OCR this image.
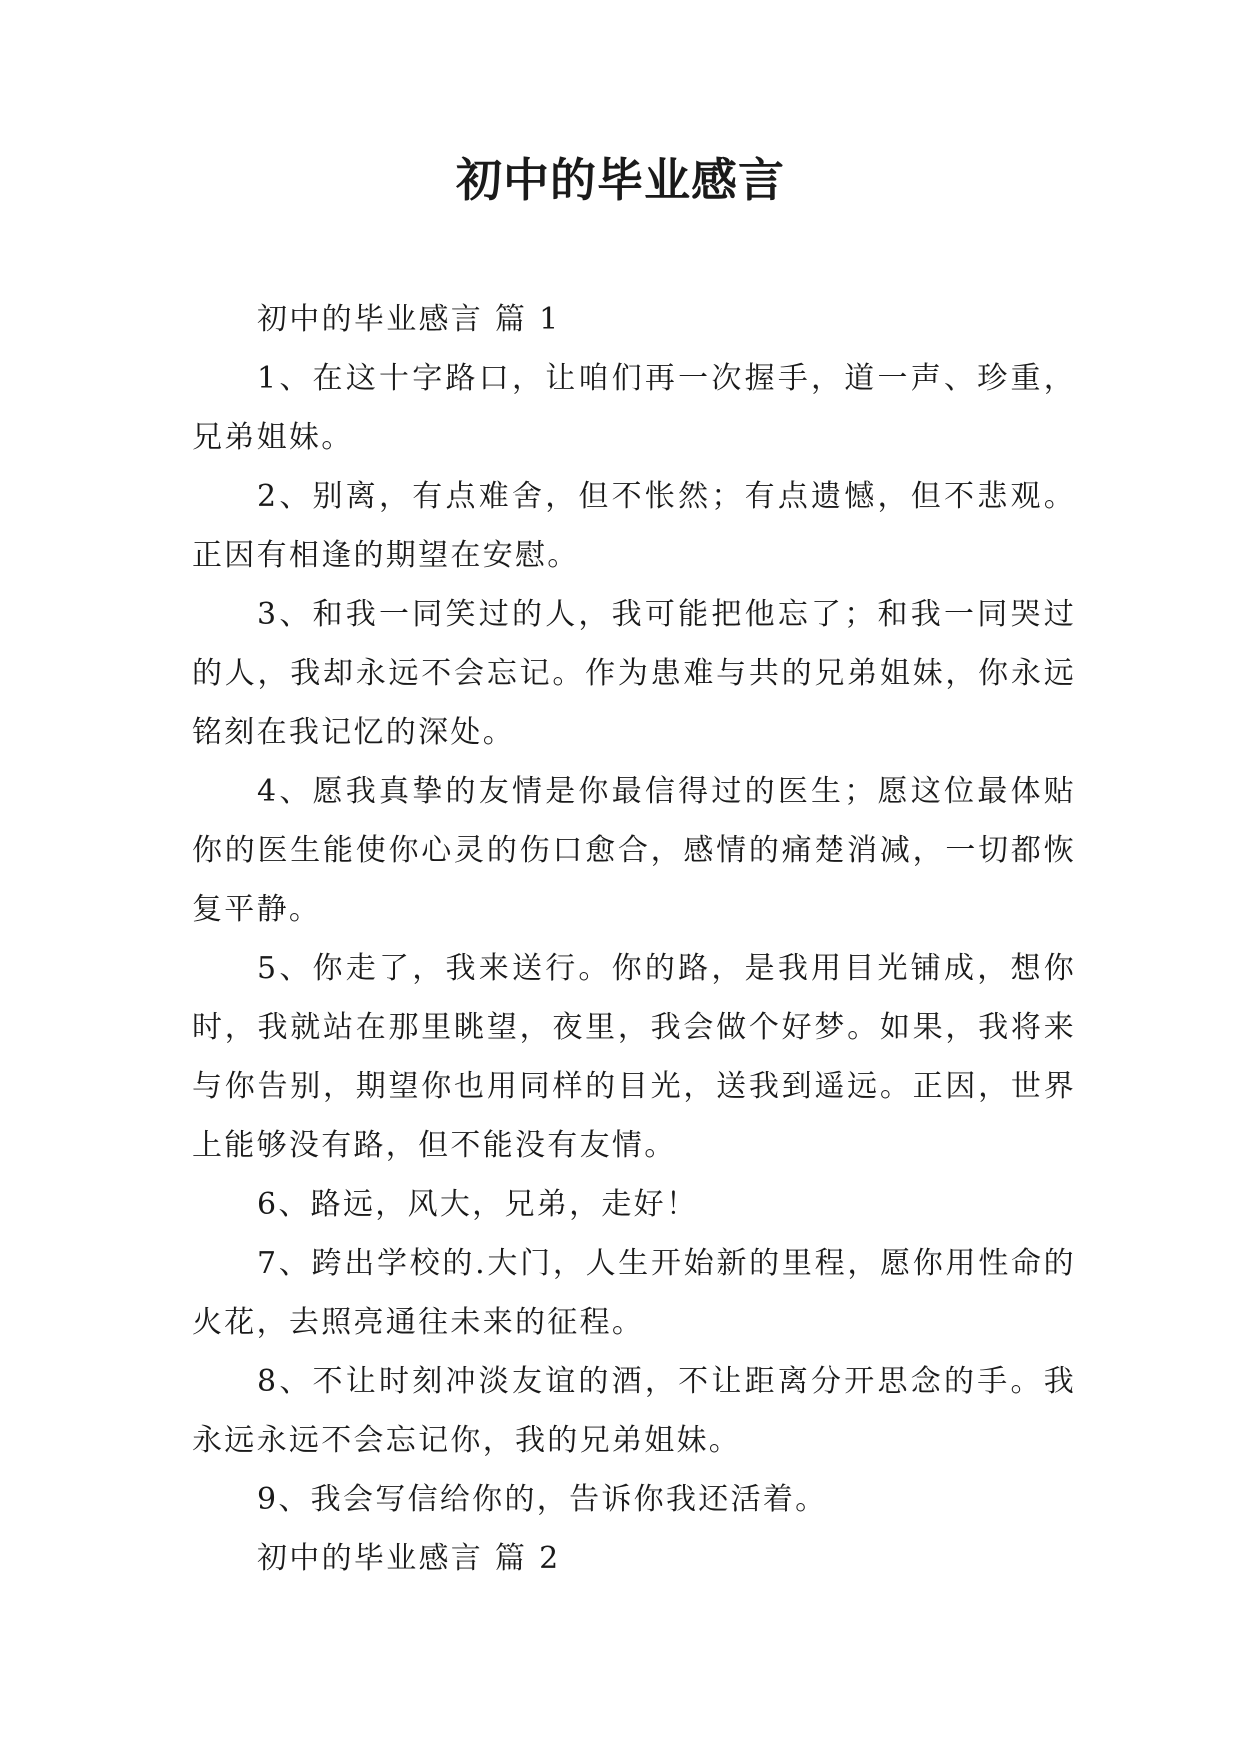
初中的毕业感言

初中的毕业感言 篇 1

1、在这十字路口，让咱们再一次握手，道一声、珍重，兄弟姐妹。

2、别离，有点难舍，但不怅然；有点遗憾，但不悲观。正因有相逢的期望在安慰。

3、和我一同笑过的人，我可能把他忘了；和我一同哭过的人，我却永远不会忘记。作为患难与共的兄弟姐妹，你永远铭刻在我记忆的深处。

4、愿我真挚的友情是你最信得过的医生；愿这位最体贴你的医生能使你心灵的伤口愈合，感情的痛楚消减，一切都恢复平静。

5、你走了，我来送行。你的路，是我用目光铺成，想你时，我就站在那里眺望，夜里，我会做个好梦。如果，我将来与你告别，期望你也用同样的目光，送我到遥远。正因，世界上能够没有路，但不能没有友情。

6、路远，风大，兄弟，走好！

7、跨出学校的.大门，人生开始新的里程，愿你用性命的火花，去照亮通往未来的征程。

8、不让时刻冲淡友谊的酒，不让距离分开思念的手。我永远永远不会忘记你，我的兄弟姐妹。

9、我会写信给你的，告诉你我还活着。

初中的毕业感言 篇 2
